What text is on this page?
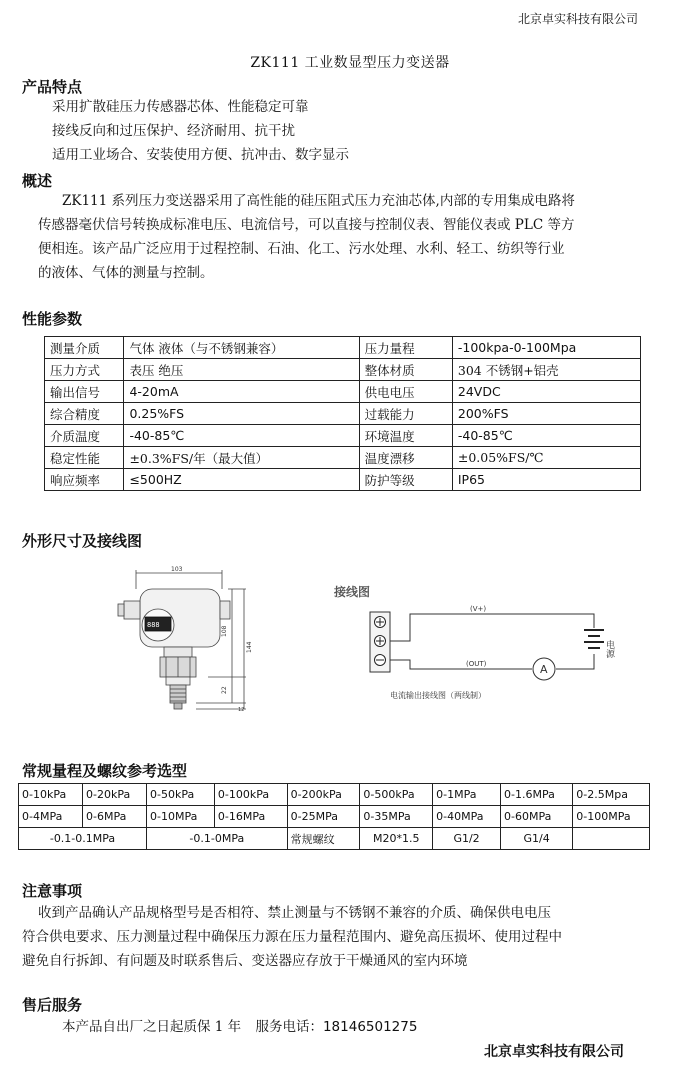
北京卓实科技有限公司
ZK111 工业数显型压力变送器
产品特点
采用扩散硅压力传感器芯体、性能稳定可靠
接线反向和过压保护、经济耐用、抗干扰
适用工业场合、安装使用方便、抗冲击、数字显示
概述
ZK111 系列压力变送器采用了高性能的硅压阻式压力充油芯体,内部的专用集成电路将
传感器毫伏信号转换成标准电压、电流信号，可以直接与控制仪表、智能仪表或 PLC 等方
便相连。该产品广泛应用于过程控制、石油、化工、污水处理、水利、轻工、纺织等行业
的液体、气体的测量与控制。
性能参数
测量介质	气体 液体（与不锈钢兼容）	压力量程	-100kpa-0-100Mpa
压力方式	表压 绝压	整体材质	304 不锈钢+铝壳
输出信号	4-20mA	供电电压	24VDC
综合精度	0.25%FS	过载能力	200%FS
介质温度	-40-85℃	环境温度	-40-85℃
稳定性能	±0.3%FS/年（最大值）	温度漂移	±0.05%FS/℃
响应频率	≤500HZ	防护等级	IP65
外形尺寸及接线图
103
888
108
144
22
12
接线图
(V+)
(OUT)	A
电源
电流输出接线图（两线制）
常规量程及螺纹参考选型
0-10kPa	0-20kPa	0-50kPa	0-100kPa	0-200kPa	0-500kPa	0-1MPa	0-1.6MPa	0-2.5Mpa
0-4MPa	0-6MPa	0-10MPa	0-16MPa	0-25MPa	0-35MPa	0-40MPa	0-60MPa	0-100MPa
-0.1-0.1MPa		-0.1-0MPa		常规螺纹	M20*1.5	G1/2	G1/4	
注意事项
收到产品确认产品规格型号是否相符、禁止测量与不锈钢不兼容的介质、确保供电电压
符合供电要求、压力测量过程中确保压力源在压力量程范围内、避免高压损坏、使用过程中
避免自行拆卸、有问题及时联系售后、变送器应存放于干燥通风的室内环境
售后服务
本产品自出厂之日起质保 1 年 服务电话：18146501275
北京卓实科技有限公司
